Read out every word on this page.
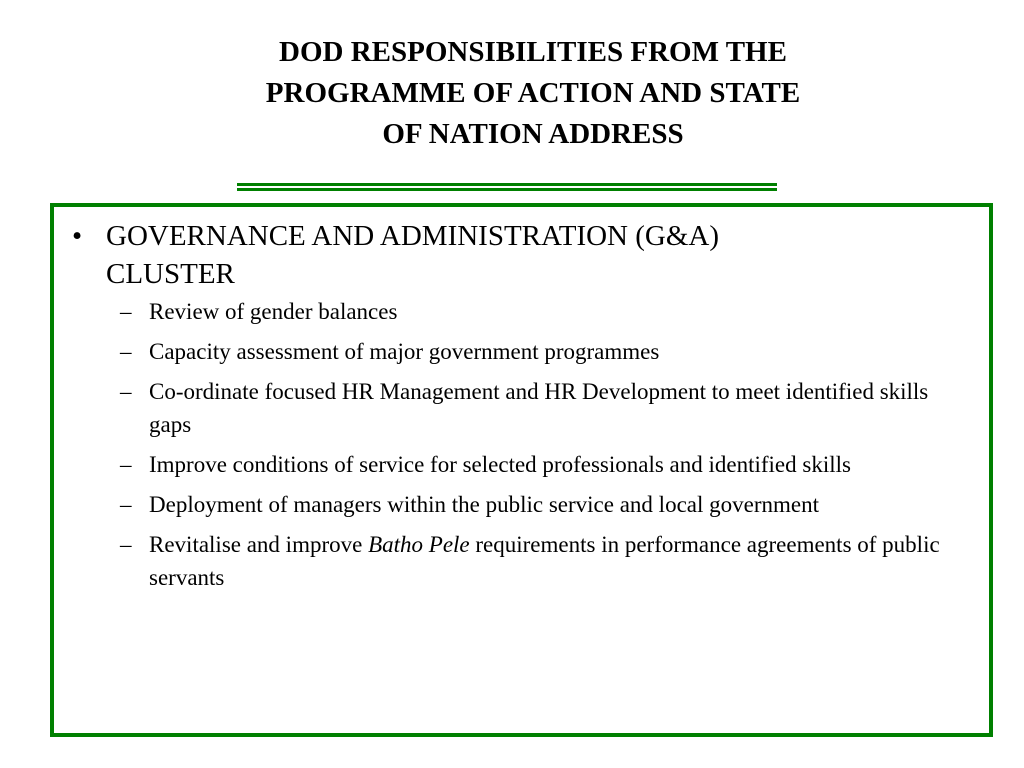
DOD RESPONSIBILITIES FROM THE
PROGRAMME OF ACTION AND STATE
OF NATION ADDRESS

• GOVERNANCE AND ADMINISTRATION (G&A)
CLUSTER

– Review of gender balances
– Capacity assessment of major government programmes
– Co-ordinate focused HR Management and HR Development to meet identified skills gaps
– Improve conditions of service for selected professionals and identified skills
– Deployment of managers within the public service and local government
– Revitalise and improve Batho Pele requirements in performance agreements of public servants
